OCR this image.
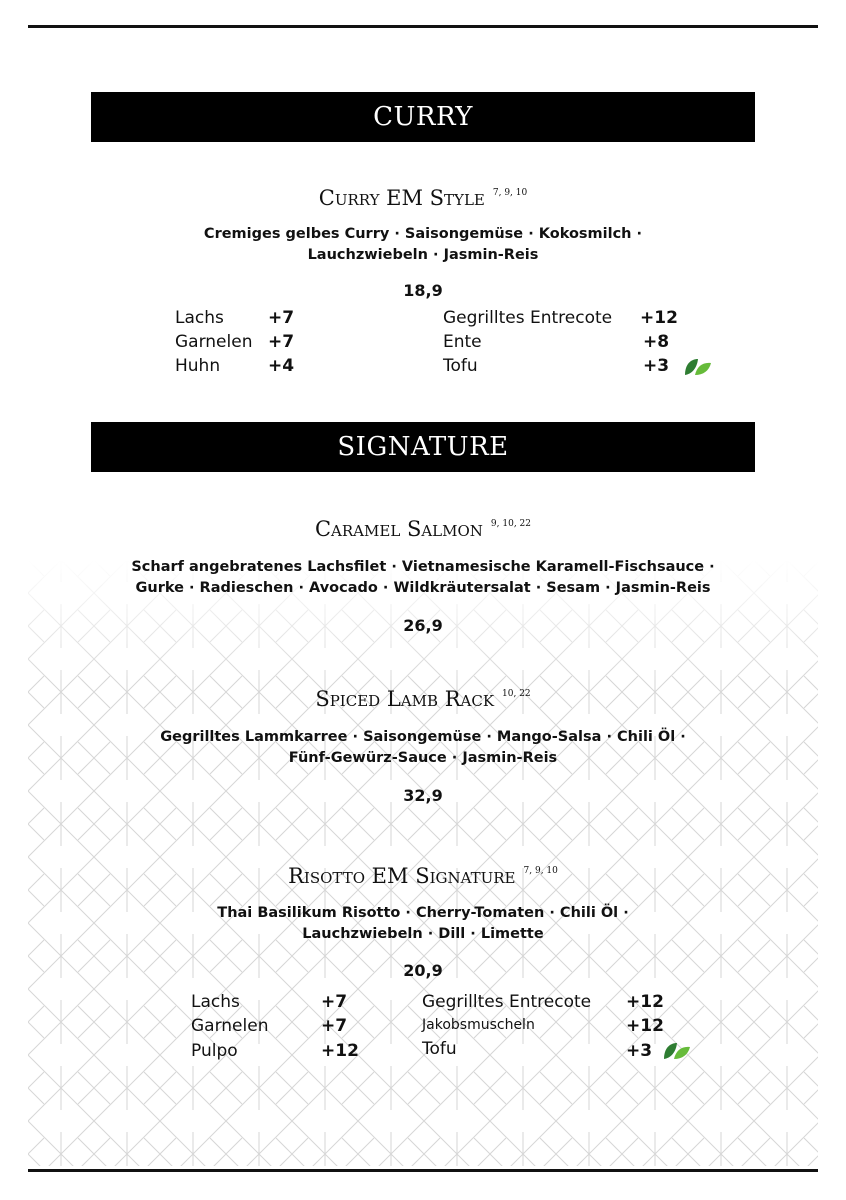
CURRY
Curry EM Style $^{7, 9, 10}$
Cremiges gelbes Curry · Saisongemüse · Kokosmilch ·
Lauchzwiebeln · Jasmin-Reis
18,9
Lachs	+7
Garnelen +7
Huhn	+4
Gegrilltes Entrecote +12
Ente	+8
Tofu	+3
SIGNATURE
Caramel Salmon $^{9, 10, 22}$
Scharf angebratenes Lachsfilet · Vietnamesische Karamell-Fischsauce ·
Gurke · Radieschen · Avocado · Wildkräutersalat · Sesam · Jasmin-Reis
26,9
Spiced Lamb Rack $^{10, 22}$
Gegrilltes Lammkarree · Saisongemüse · Mango-Salsa · Chili Öl ·
Fünf-Gewürz-Sauce · Jasmin-Reis
32,9
Risotto EM Signature $^{7, 9, 10}$
Thai Basilikum Risotto · Cherry-Tomaten · Chili Öl ·
Lauchzwiebeln · Dill · Limette
20,9
Lachs	+7
Garnelen	+7
Pulpo	+12
Gegrilltes Entrecote +12
Jakobsmuscheln	+12
Tofu	+3
